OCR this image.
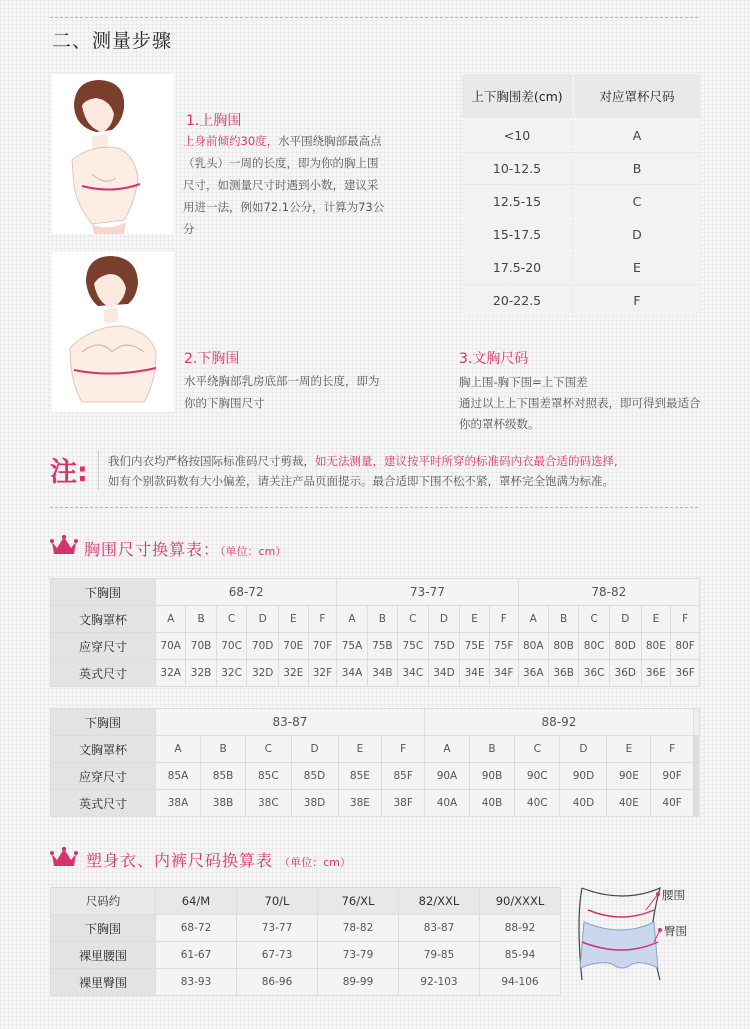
二、测量步骤
1.上胸围
上身前倾约30度，水平围绕胸部最高点（乳头）一周的长度，即为你的胸上围尺寸，如测量尺寸时遇到小数，建议采用进一法，例如72.1公分，计算为73公分
2.下胸围
水平绕胸部乳房底部一周的长度，即为你的下胸围尺寸
上下胸围差(cm)	对应罩杯尺码
<10	A
10-12.5	B
12.5-15	C
15-17.5	D
17.5-20	E
20-22.5	F
3.文胸尺码
胸上围-胸下围=上下围差
通过以上上下围差罩杯对照表，即可得到最适合你的罩杯级数。
注: 我们内衣均严格按国际标准码尺寸剪裁，如无法测量，建议按平时所穿的标准码内衣最合适的码选择,
如有个别款码数有大小偏差，请关注产品页面提示。最合适即下围不松不紧，罩杯完全饱满为标准。
胸围尺寸换算表：（单位：cm）
下胸围	68-72						73-77						78-82					
文胸罩杯	A	B	C	D	E	F	A	B	C	D	E	F	A	B	C	D	E	F
应穿尺寸	70A	70B	70C	70D	70E	70F	75A	75B	75C	75D	75E	75F	80A	80B	80C	80D	80E	80F
英式尺寸	32A	32B	32C	32D	32E	32F	34A	34B	34C	34D	34E	34F	36A	36B	36C	36D	36E	36F
下胸围	83-87						88-92								
文胸罩杯	A	B	C	D	E	F	A	B	C	D	E	F						
应穿尺寸	85A	85B	85C	85D	85E	85F	90A	90B	90C	90D	90E	90F						
英式尺寸	38A	38B	38C	38D	38E	38F	40A	40B	40C	40D	40E	40F						
塑身衣、内裤尺码换算表 （单位：cm）
尺码约	64/M	70/L	76/XL	82/XXL	90/XXXL
下胸围	68-72	73-77	78-82	83-87	88-92
裸里腰围	61-67	67-73	73-79	79-85	85-94
裸里臀围	83-93	86-96	89-99	92-103	94-106
腰围
臀围
